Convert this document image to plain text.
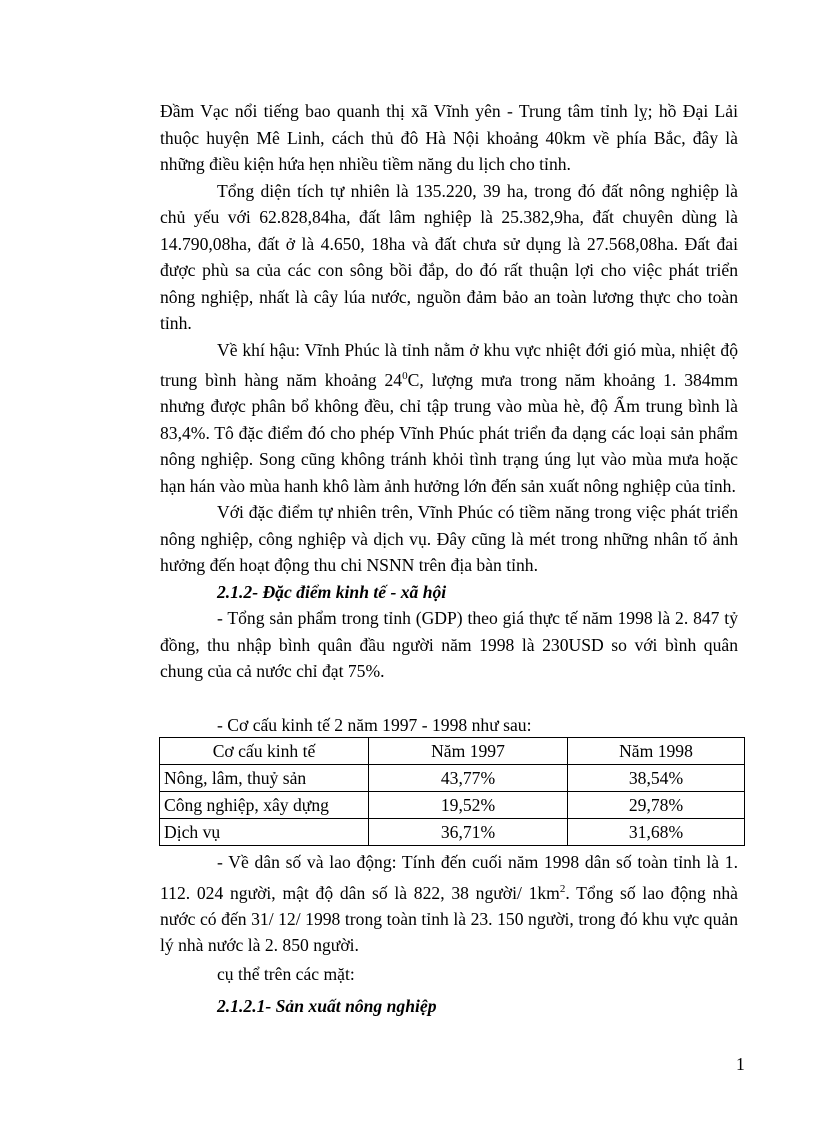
Đầm Vạc nổi tiếng bao quanh thị xã Vĩnh yên - Trung tâm tỉnh lỵ; hồ Đại Lải thuộc huyện Mê Linh, cách thủ đô Hà Nội khoảng 40km về phía Bắc, đây là những điều kiện hứa hẹn nhiều tiềm năng du lịch cho tỉnh.

Tổng diện tích tự nhiên là 135.220, 39 ha, trong đó đất nông nghiệp là chủ yếu với 62.828,84ha, đất lâm nghiệp là 25.382,9ha, đất chuyên dùng là 14.790,08ha, đất ở là 4.650, 18ha và đất chưa sử dụng là 27.568,08ha. Đất đai được phù sa của các con sông bồi đắp, do đó rất thuận lợi cho việc phát triển nông nghiệp, nhất là cây lúa nước, nguồn đảm bảo an toàn lương thực cho toàn tỉnh.

Về khí hậu: Vĩnh Phúc là tỉnh nằm ở khu vực nhiệt đới gió mùa, nhiệt độ trung bình hàng năm khoảng $24^0C$, lượng mưa trong năm khoảng 1. 384mm nhưng được phân bổ không đều, chỉ tập trung vào mùa hè, độ Ẩm trung bình là 83,4%. Tô đặc điểm đó cho phép Vĩnh Phúc phát triển đa dạng các loại sản phẩm nông nghiệp. Song cũng không tránh khỏi tình trạng úng lụt vào mùa mưa hoặc hạn hán vào mùa hanh khô làm ảnh hưởng lớn đến sản xuất nông nghiệp của tỉnh.

Với đặc điểm tự nhiên trên, Vĩnh Phúc có tiềm năng trong việc phát triển nông nghiệp, công nghiệp và dịch vụ. Đây cũng là mét trong những nhân tố ảnh hưởng đến hoạt động thu chi NSNN trên địa bàn tỉnh.

2.1.2- Đặc điểm kinh tế - xã hội

- Tổng sản phẩm trong tỉnh (GDP) theo giá thực tế năm 1998 là 2. 847 tỷ đồng, thu nhập bình quân đầu người năm 1998 là 230USD so với bình quân chung của cả nước chỉ đạt 75%.

- Cơ cấu kinh tế 2 năm 1997 - 1998 như sau:
Cơ cấu kinh tế	Năm 1997	Năm 1998
Nông, lâm, thuỷ sản	43,77%	38,54%
Công nghiệp, xây dựng	19,52%	29,78%
Dịch vụ	36,71%	31,68%

- Về dân số và lao động: Tính đến cuối năm 1998 dân số toàn tỉnh là 1. 112. 024 người, mật độ dân số là 822, 38 người/ $1km^2$. Tổng số lao động nhà nước có đến 31/ 12/ 1998 trong toàn tỉnh là 23. 150 người, trong đó khu vực quản lý nhà nước là 2. 850 người.

cụ thể trên các mặt:

2.1.2.1- Sản xuất nông nghiệp

1
